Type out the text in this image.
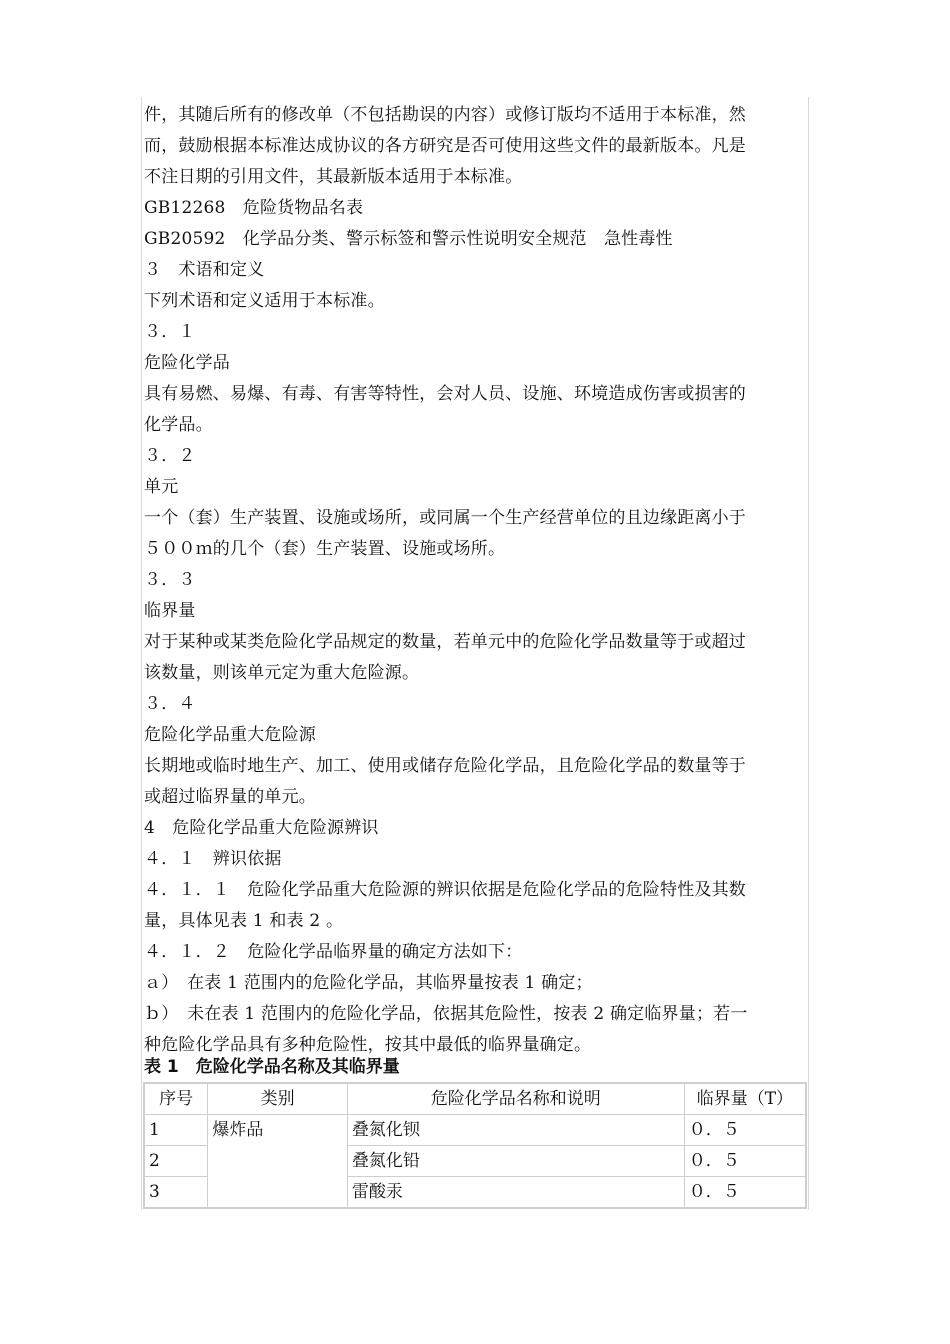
件，其随后所有的修改单（不包括勘误的内容）或修订版均不适用于本标准，然
而，鼓励根据本标准达成协议的各方研究是否可使用这些文件的最新版本。凡是
不注日期的引用文件，其最新版本适用于本标准。
GB12268　危险货物品名表
GB20592　化学品分类、警示标签和警示性说明安全规范　急性毒性
３　术语和定义
下列术语和定义适用于本标准。
３．１
危险化学品
具有易燃、易爆、有毒、有害等特性，会对人员、设施、环境造成伤害或损害的
化学品。
３．２
单元
一个（套）生产装置、设施或场所，或同属一个生产经营单位的且边缘距离小于
５００ｍ的几个（套）生产装置、设施或场所。
３．３
临界量
对于某种或某类危险化学品规定的数量，若单元中的危险化学品数量等于或超过
该数量，则该单元定为重大危险源。
３．４
危险化学品重大危险源
长期地或临时地生产、加工、使用或储存危险化学品，且危险化学品的数量等于
或超过临界量的单元。
4　危险化学品重大危险源辨识
４．１　辨识依据
４．１．１　危险化学品重大危险源的辨识依据是危险化学品的危险特性及其数
量，具体见表 1 和表 2 。
４．１．２　危险化学品临界量的确定方法如下：
ａ）　在表 1 范围内的危险化学品，其临界量按表 1 确定；
ｂ）　未在表 1 范围内的危险化学品，依据其危险性，按表 2 确定临界量；若一
种危险化学品具有多种危险性，按其中最低的临界量确定。
表 1　危险化学品名称及其临界量
序号	类别	危险化学品名称和说明	临界量（T）
1	爆炸品	叠氮化钡	０．５
2		叠氮化铅	０．５
3		雷酸汞	０．５
